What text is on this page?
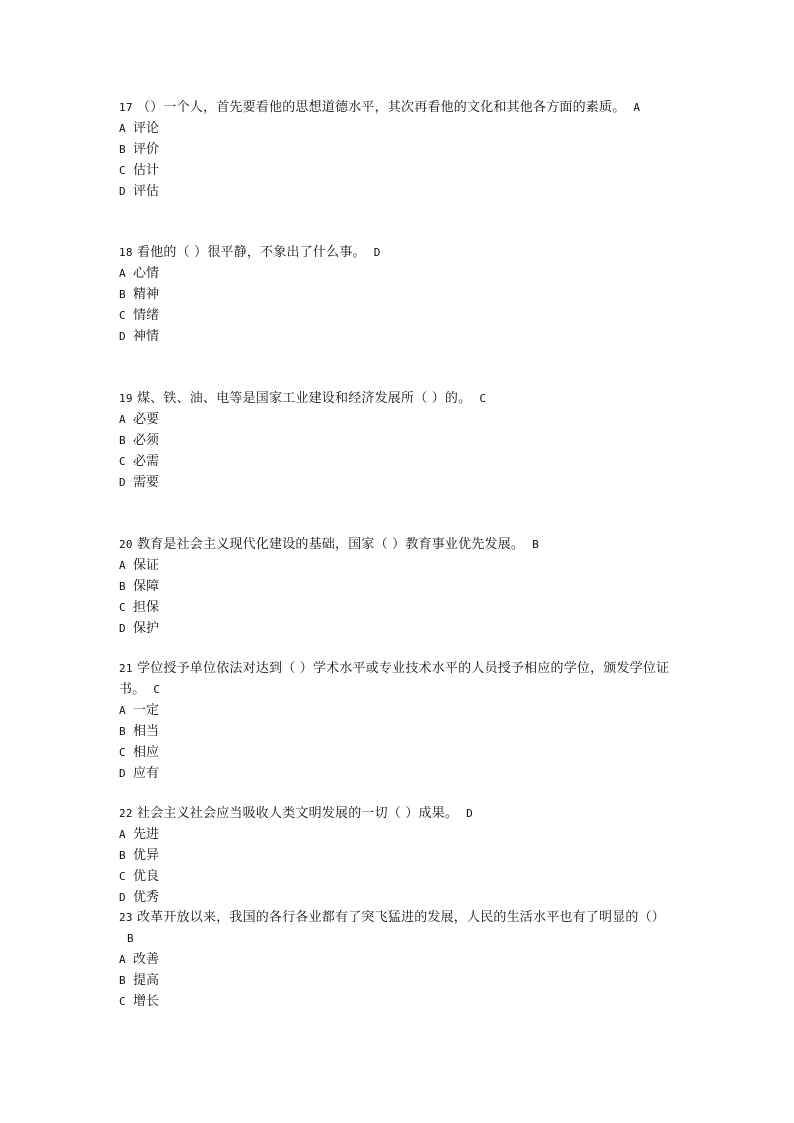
17 （）一个人，首先要看他的思想道德水平，其次再看他的文化和其他各方面的素质。 A

A 评论

B 评价

C 估计

D 评估

18 看他的（ ）很平静，不象出了什么事。 D

A 心情

B 精神

C 情绪

D 神情

19 煤、铁、油、电等是国家工业建设和经济发展所（ ）的。 C

A 必要

B 必须

C 必需

D 需要

20 教育是社会主义现代化建设的基础，国家（ ）教育事业优先发展。 B

A 保证

B 保障

C 担保

D 保护

21 学位授予单位依法对达到（ ）学术水平或专业技术水平的人员授予相应的学位，颁发学位证书。 C

A 一定

B 相当

C 相应

D 应有

22 社会主义社会应当吸收人类文明发展的一切（ ）成果。 D

A 先进

B 优异

C 优良

D 优秀

23 改革开放以来，我国的各行各业都有了突飞猛进的发展，人民的生活水平也有了明显的（）B

A 改善

B 提高

C 增长
